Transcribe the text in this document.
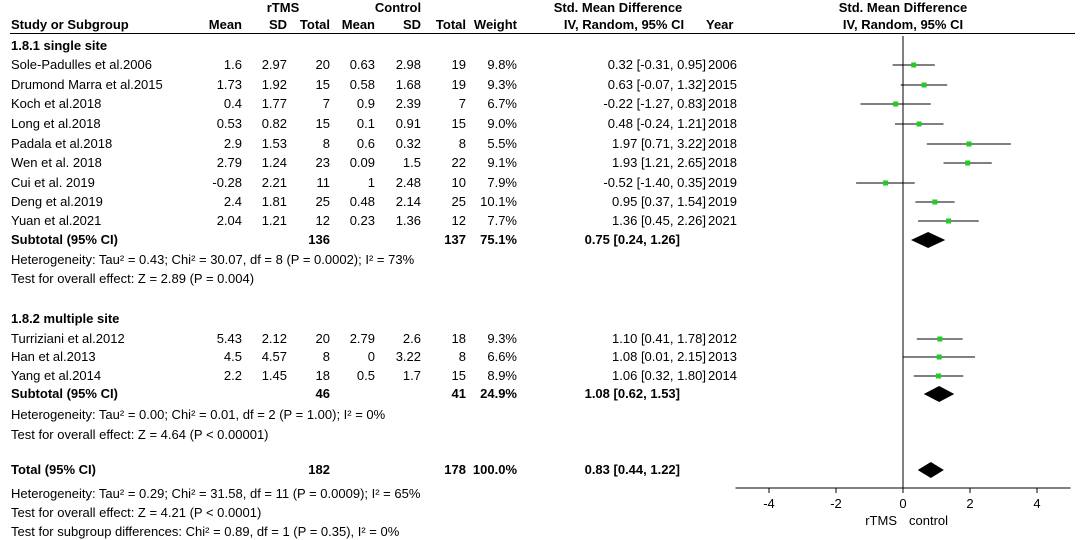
-4	-2	0	2	4
rTMS control
rTMS	Control	Std. Mean Difference
Study or Subgroup	Mean SD Total Mean SD Total Weight	IV, Random, 95% CI Year
Std. Mean Difference
IV, Random, 95% CI
1.8.1 single site
Sole-Padulles et al.2006	1.6 2.97 20 0.63 2.98 19 9.8%	0.32 [-0.31, 0.95] 2006
Drumond Marra et al.2015	1.73 1.92 15 0.58 1.68 19 9.3%	0.63 [-0.07, 1.32] 2015
Koch et al.2018	0.4 1.77	7 0.9 2.39	7 6.7%	-0.22 [-1.27, 0.83] 2018
Long et al.2018	0.53 0.82 15 0.1 0.91 15 9.0%	0.48 [-0.24, 1.21] 2018
Padala et al.2018	2.9 1.53	8 0.6 0.32	8 5.5%	1.97 [0.71, 3.22] 2018
Wen et al. 2018	2.79 1.24 23 0.09 1.5 22 9.1%	1.93 [1.21, 2.65] 2018
Cui et al. 2019	-0.28 2.21 11	1 2.48 10 7.9%	-0.52 [-1.40, 0.35] 2019
Deng et al.2019	2.4 1.81 25 0.48 2.14 25 10.1%	0.95 [0.37, 1.54] 2019
Yuan et al.2021	2.04 1.21 12 0.23 1.36 12 7.7%	1.36 [0.45, 2.26] 2021
Subtotal (95% CI)	136	137 75.1%	0.75 [0.24, 1.26]
Heterogeneity: Tau² = 0.43; Chi² = 30.07, df = 8 (P = 0.0002); I² = 73%
Test for overall effect: Z = 2.89 (P = 0.004)
1.8.2 multiple site
Turriziani et al.2012	5.43 2.12 20 2.79 2.6 18 9.3%	1.10 [0.41, 1.78] 2012
Han et al.2013	4.5 4.57	8	0 3.22	8 6.6%	1.08 [0.01, 2.15] 2013
Yang et al.2014	2.2 1.45 18 0.5 1.7 15 8.9%	1.06 [0.32, 1.80] 2014
Subtotal (95% CI)	46	41 24.9%	1.08 [0.62, 1.53]
Heterogeneity: Tau² = 0.00; Chi² = 0.01, df = 2 (P = 1.00); I² = 0%
Test for overall effect: Z = 4.64 (P < 0.00001)
Total (95% CI)	182	178 100.0%	0.83 [0.44, 1.22]
Heterogeneity: Tau² = 0.29; Chi² = 31.58, df = 11 (P = 0.0009); I² = 65%
Test for overall effect: Z = 4.21 (P < 0.0001)
Test for subgroup differences: Chi² = 0.89, df = 1 (P = 0.35), I² = 0%
